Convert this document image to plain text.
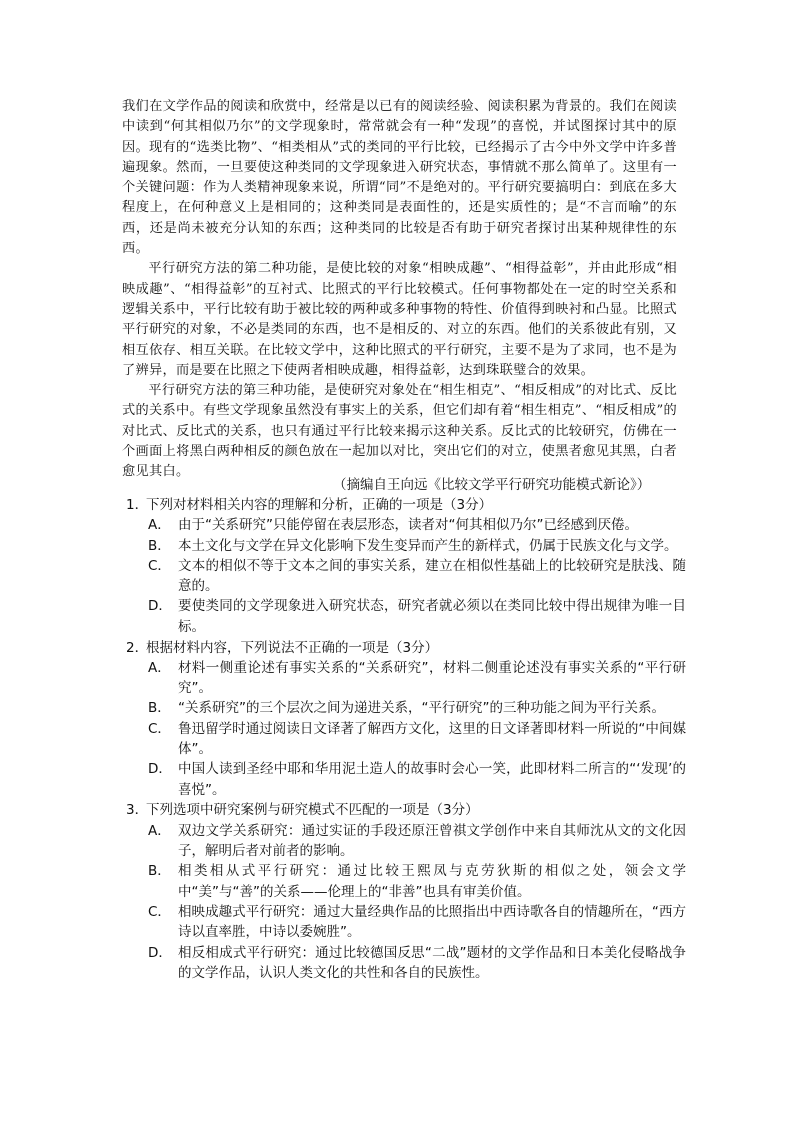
我们在文学作品的阅读和欣赏中，经常是以已有的阅读经验、阅读积累为背景的。我们在阅读中读到“何其相似乃尔”的文学现象时，常常就会有一种“发现”的喜悦，并试图探讨其中的原因。现有的“选类比物”、“相类相从”式的类同的平行比较，已经揭示了古今中外文学中许多普遍现象。然而，一旦要使这种类同的文学现象进入研究状态，事情就不那么简单了。这里有一个关键问题：作为人类精神现象来说，所谓“同”不是绝对的。平行研究要搞明白：到底在多大程度上，在何种意义上是相同的；这种类同是表面性的，还是实质性的；是“不言而喻”的东西，还是尚未被充分认知的东西；这种类同的比较是否有助于研究者探讨出某种规律性的东西。

平行研究方法的第二种功能，是使比较的对象“相映成趣”、“相得益彰”，并由此形成“相映成趣”、“相得益彰”的互衬式、比照式的平行比较模式。任何事物都处在一定的时空关系和逻辑关系中，平行比较有助于被比较的两种或多种事物的特性、价值得到映衬和凸显。比照式平行研究的对象，不必是类同的东西，也不是相反的、对立的东西。他们的关系彼此有别，又相互依存、相互关联。在比较文学中，这种比照式的平行研究，主要不是为了求同，也不是为了辨异，而是要在比照之下使两者相映成趣，相得益彰，达到珠联璧合的效果。

平行研究方法的第三种功能，是使研究对象处在“相生相克”、“相反相成”的对比式、反比式的关系中。有些文学现象虽然没有事实上的关系，但它们却有着“相生相克”、“相反相成”的对比式、反比式的关系，也只有通过平行比较来揭示这种关系。反比式的比较研究，仿佛在一个画面上将黑白两种相反的颜色放在一起加以对比，突出它们的对立，使黑者愈见其黑，白者愈见其白。

（摘编自王向远《比较文学平行研究功能模式新论》）
1．
下列对材料相关内容的理解和分析，正确的一项是（3分）
A． 由于“关系研究”只能停留在表层形态，读者对“何其相似乃尔”已经感到厌倦。
B． 本土文化与文学在异文化影响下发生变异而产生的新样式，仍属于民族文化与文学。
C． 文本的相似不等于文本之间的事实关系，建立在相似性基础上的比较研究是肤浅、随意的。
D． 要使类同的文学现象进入研究状态，研究者就必须以在类同比较中得出规律为唯一目标。
2．
根据材料内容，下列说法不正确的一项是（3分）
A． 材料一侧重论述有事实关系的“关系研究”，材料二侧重论述没有事实关系的“平行研究”。
B． “关系研究”的三个层次之间为递进关系，“平行研究”的三种功能之间为平行关系。
C． 鲁迅留学时通过阅读日文译著了解西方文化，这里的日文译著即材料一所说的“中间媒体”。
D． 中国人读到圣经中耶和华用泥土造人的故事时会心一笑，此即材料二所言的“‘发现’的喜悦”。
3．
下列选项中研究案例与研究模式不匹配的一项是（3分）
A． 双边文学关系研究：通过实证的手段还原汪曾祺文学创作中来自其师沈从文的文化因子，解明后者对前者的影响。
B． 相类相从式平行研究：通过比较王熙凤与克劳狄斯的相似之处，领会文学中“美”与“善”的关系——伦理上的“非善”也具有审美价值。
C． 相映成趣式平行研究：通过大量经典作品的比照指出中西诗歌各自的情趣所在，“西方诗以直率胜，中诗以委婉胜”。
D． 相反相成式平行研究：通过比较德国反思“二战”题材的文学作品和日本美化侵略战争的文学作品，认识人类文化的共性和各自的民族性。
